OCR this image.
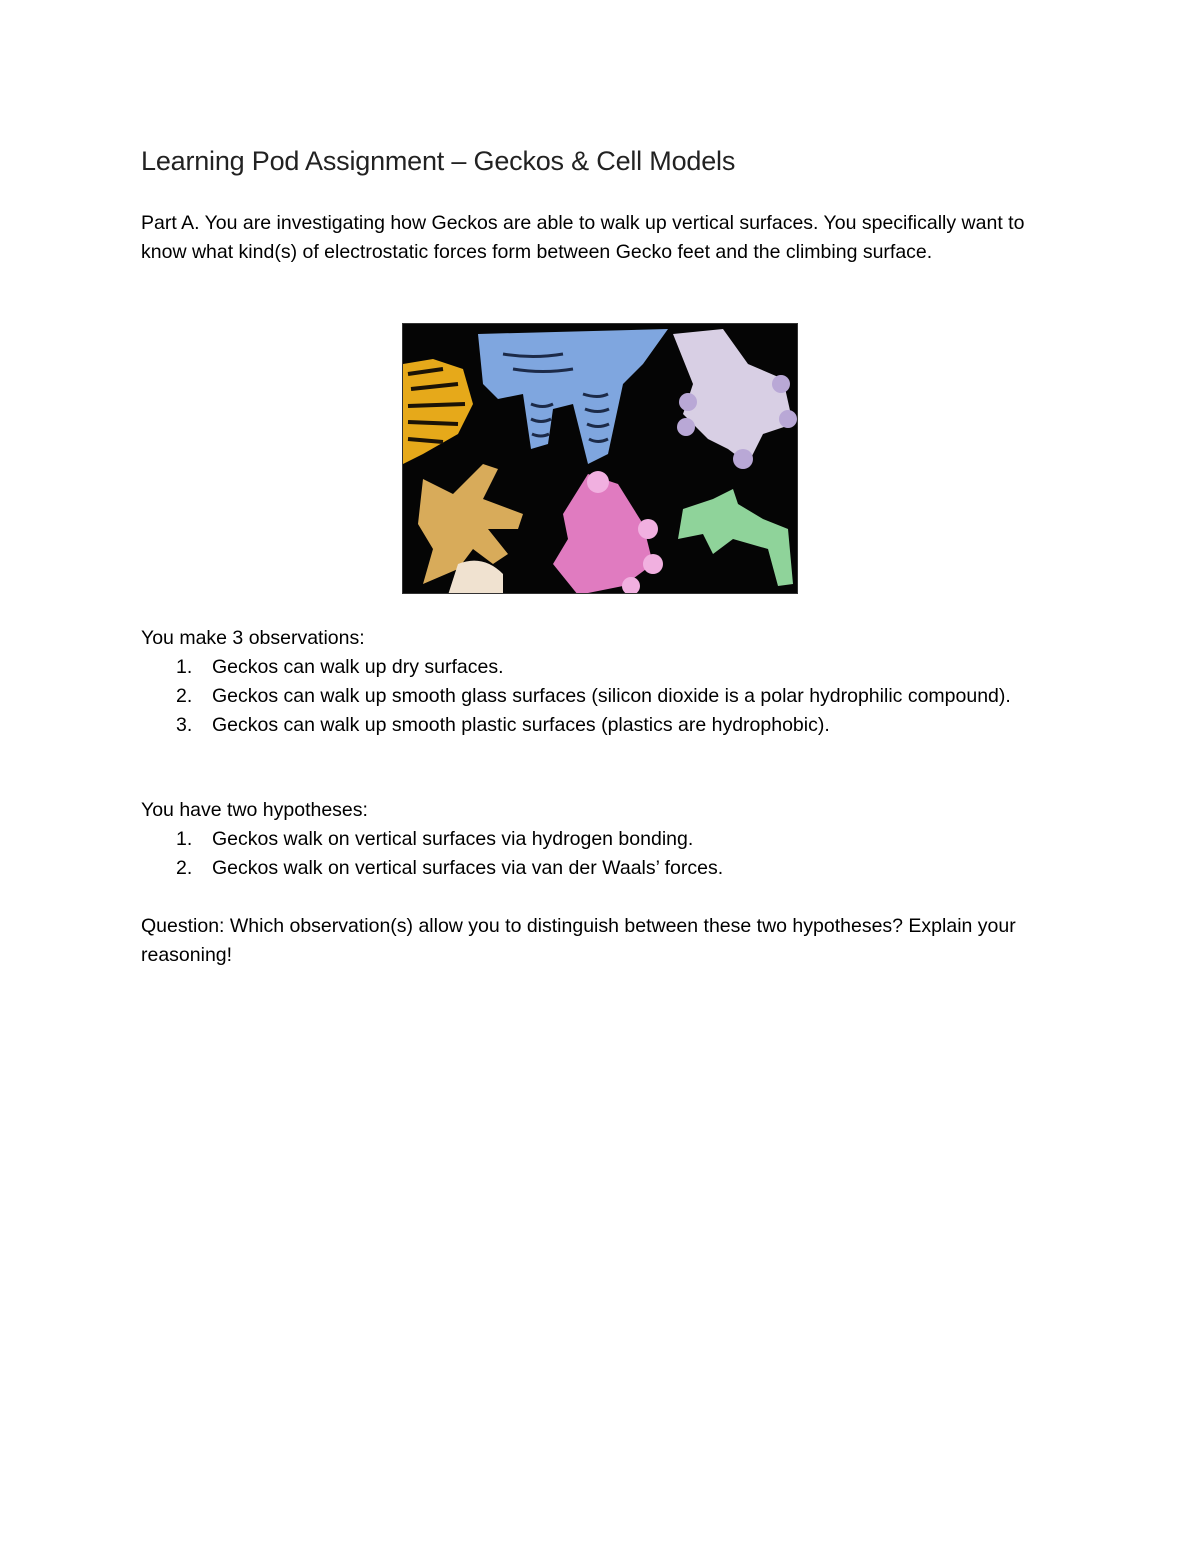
Learning Pod Assignment – Geckos & Cell Models

Part A. You are investigating how Geckos are able to walk up vertical surfaces. You specifically want to know what kind(s) of electrostatic forces form between Gecko feet and the climbing surface.

You make 3 observations:

1. Geckos can walk up dry surfaces.
2. Geckos can walk up smooth glass surfaces (silicon dioxide is a polar hydrophilic compound).
3. Geckos can walk up smooth plastic surfaces (plastics are hydrophobic).

You have two hypotheses:

1. Geckos walk on vertical surfaces via hydrogen bonding.
2. Geckos walk on vertical surfaces via van der Waals’ forces.

Question: Which observation(s) allow you to distinguish between these two hypotheses? Explain your reasoning!
